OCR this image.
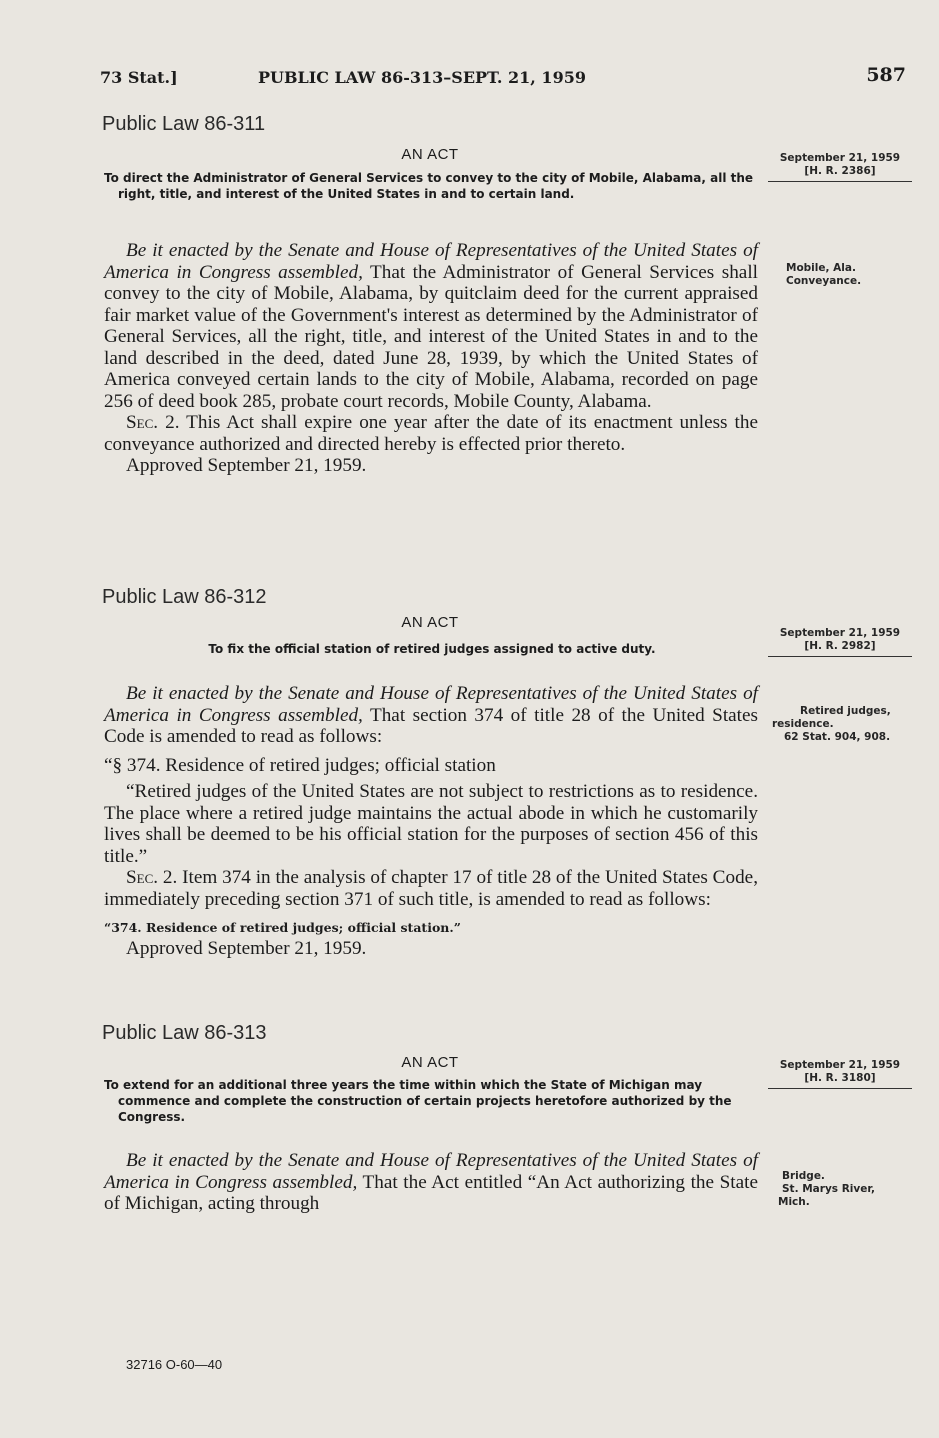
73 Stat.]	PUBLIC LAW 86-313–SEPT. 21, 1959	587
Public Law 86-311
AN ACT
To direct the Administrator of General Services to convey to the city of Mobile, Alabama, all the right, title, and interest of the United States in and to certain land.

Be it enacted by the Senate and House of Representatives of the United States of America in Congress assembled, That the Administrator of General Services shall convey to the city of Mobile, Alabama, by quitclaim deed for the current appraised fair market value of the Government's interest as determined by the Administrator of General Services, all the right, title, and interest of the United States in and to the land described in the deed, dated June 28, 1939, by which the United States of America conveyed certain lands to the city of Mobile, Alabama, recorded on page 256 of deed book 285, probate court records, Mobile County, Alabama.

Sec. 2. This Act shall expire one year after the date of its enactment unless the conveyance authorized and directed hereby is effected prior thereto.

Approved September 21, 1959.

September 21, 1959
[H. R. 2386]
Mobile, Ala.
Conveyance.
Public Law 86-312
AN ACT
To fix the official station of retired judges assigned to active duty.

Be it enacted by the Senate and House of Representatives of the United States of America in Congress assembled, That section 374 of title 28 of the United States Code is amended to read as follows:

“§ 374. Residence of retired judges; official station

“Retired judges of the United States are not subject to restrictions as to residence. The place where a retired judge maintains the actual abode in which he customarily lives shall be deemed to be his official station for the purposes of section 456 of this title.”

Sec. 2. Item 374 in the analysis of chapter 17 of title 28 of the United States Code, immediately preceding section 371 of such title, is amended to read as follows:

“374. Residence of retired judges; official station.”

Approved September 21, 1959.

September 21, 1959
[H. R. 2982]
Retired judges,
residence.
62 Stat. 904, 908.
Public Law 86-313
AN ACT
To extend for an additional three years the time within which the State of Michigan may commence and complete the construction of certain projects heretofore authorized by the Congress.

Be it enacted by the Senate and House of Representatives of the United States of America in Congress assembled, That the Act entitled “An Act authorizing the State of Michigan, acting through

September 21, 1959
[H. R. 3180]
Bridge.
St. Marys River,
Mich.
32716 O-60—40
